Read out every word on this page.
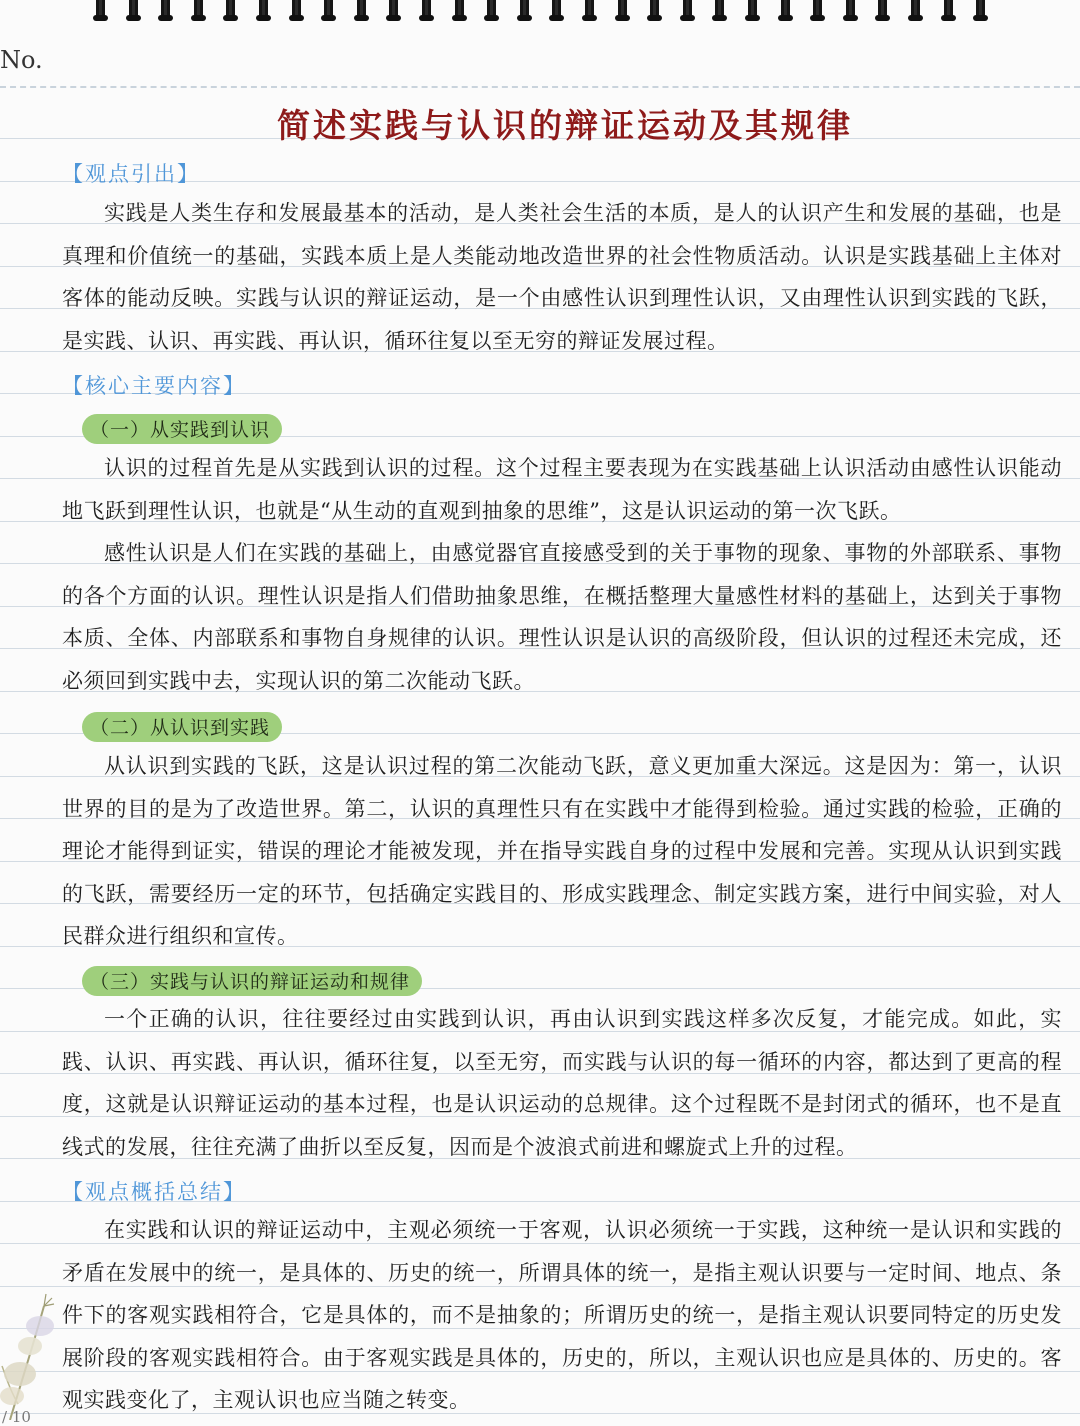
No.
简述实践与认识的辩证运动及其规律
【观点引出】
实践是人类生存和发展最基本的活动，是人类社会生活的本质，是人的认识产生和发展的基础，也是真理和价值统一的基础，实践本质上是人类能动地改造世界的社会性物质活动。认识是实践基础上主体对客体的能动反映。实践与认识的辩证运动，是一个由感性认识到理性认识，又由理性认识到实践的飞跃，是实践、认识、再实践、再认识，循环往复以至无穷的辩证发展过程。
【核心主要内容】
（一）从实践到认识
认识的过程首先是从实践到认识的过程。这个过程主要表现为在实践基础上认识活动由感性认识能动地飞跃到理性认识，也就是“从生动的直观到抽象的思维”，这是认识运动的第一次飞跃。
感性认识是人们在实践的基础上，由感觉器官直接感受到的关于事物的现象、事物的外部联系、事物的各个方面的认识。理性认识是指人们借助抽象思维，在概括整理大量感性材料的基础上，达到关于事物本质、全体、内部联系和事物自身规律的认识。理性认识是认识的高级阶段，但认识的过程还未完成，还必须回到实践中去，实现认识的第二次能动飞跃。
（二）从认识到实践
从认识到实践的飞跃，这是认识过程的第二次能动飞跃，意义更加重大深远。这是因为：第一，认识世界的目的是为了改造世界。第二，认识的真理性只有在实践中才能得到检验。通过实践的检验，正确的理论才能得到证实，错误的理论才能被发现，并在指导实践自身的过程中发展和完善。实现从认识到实践的飞跃，需要经历一定的环节，包括确定实践目的、形成实践理念、制定实践方案，进行中间实验，对人民群众进行组织和宣传。
（三）实践与认识的辩证运动和规律
一个正确的认识，往往要经过由实践到认识，再由认识到实践这样多次反复，才能完成。如此，实践、认识、再实践、再认识，循环往复，以至无穷，而实践与认识的每一循环的内容，都达到了更高的程度，这就是认识辩证运动的基本过程，也是认识运动的总规律。这个过程既不是封闭式的循环，也不是直线式的发展，往往充满了曲折以至反复，因而是个波浪式前进和螺旋式上升的过程。
【观点概括总结】
在实践和认识的辩证运动中，主观必须统一于客观，认识必须统一于实践，这种统一是认识和实践的矛盾在发展中的统一，是具体的、历史的统一，所谓具体的统一，是指主观认识要与一定时间、地点、条件下的客观实践相符合，它是具体的，而不是抽象的；所谓历史的统一，是指主观认识要同特定的历史发展阶段的客观实践相符合。由于客观实践是具体的，历史的，所以，主观认识也应是具体的、历史的。客观实践变化了，主观认识也应当随之转变。
/ 10
